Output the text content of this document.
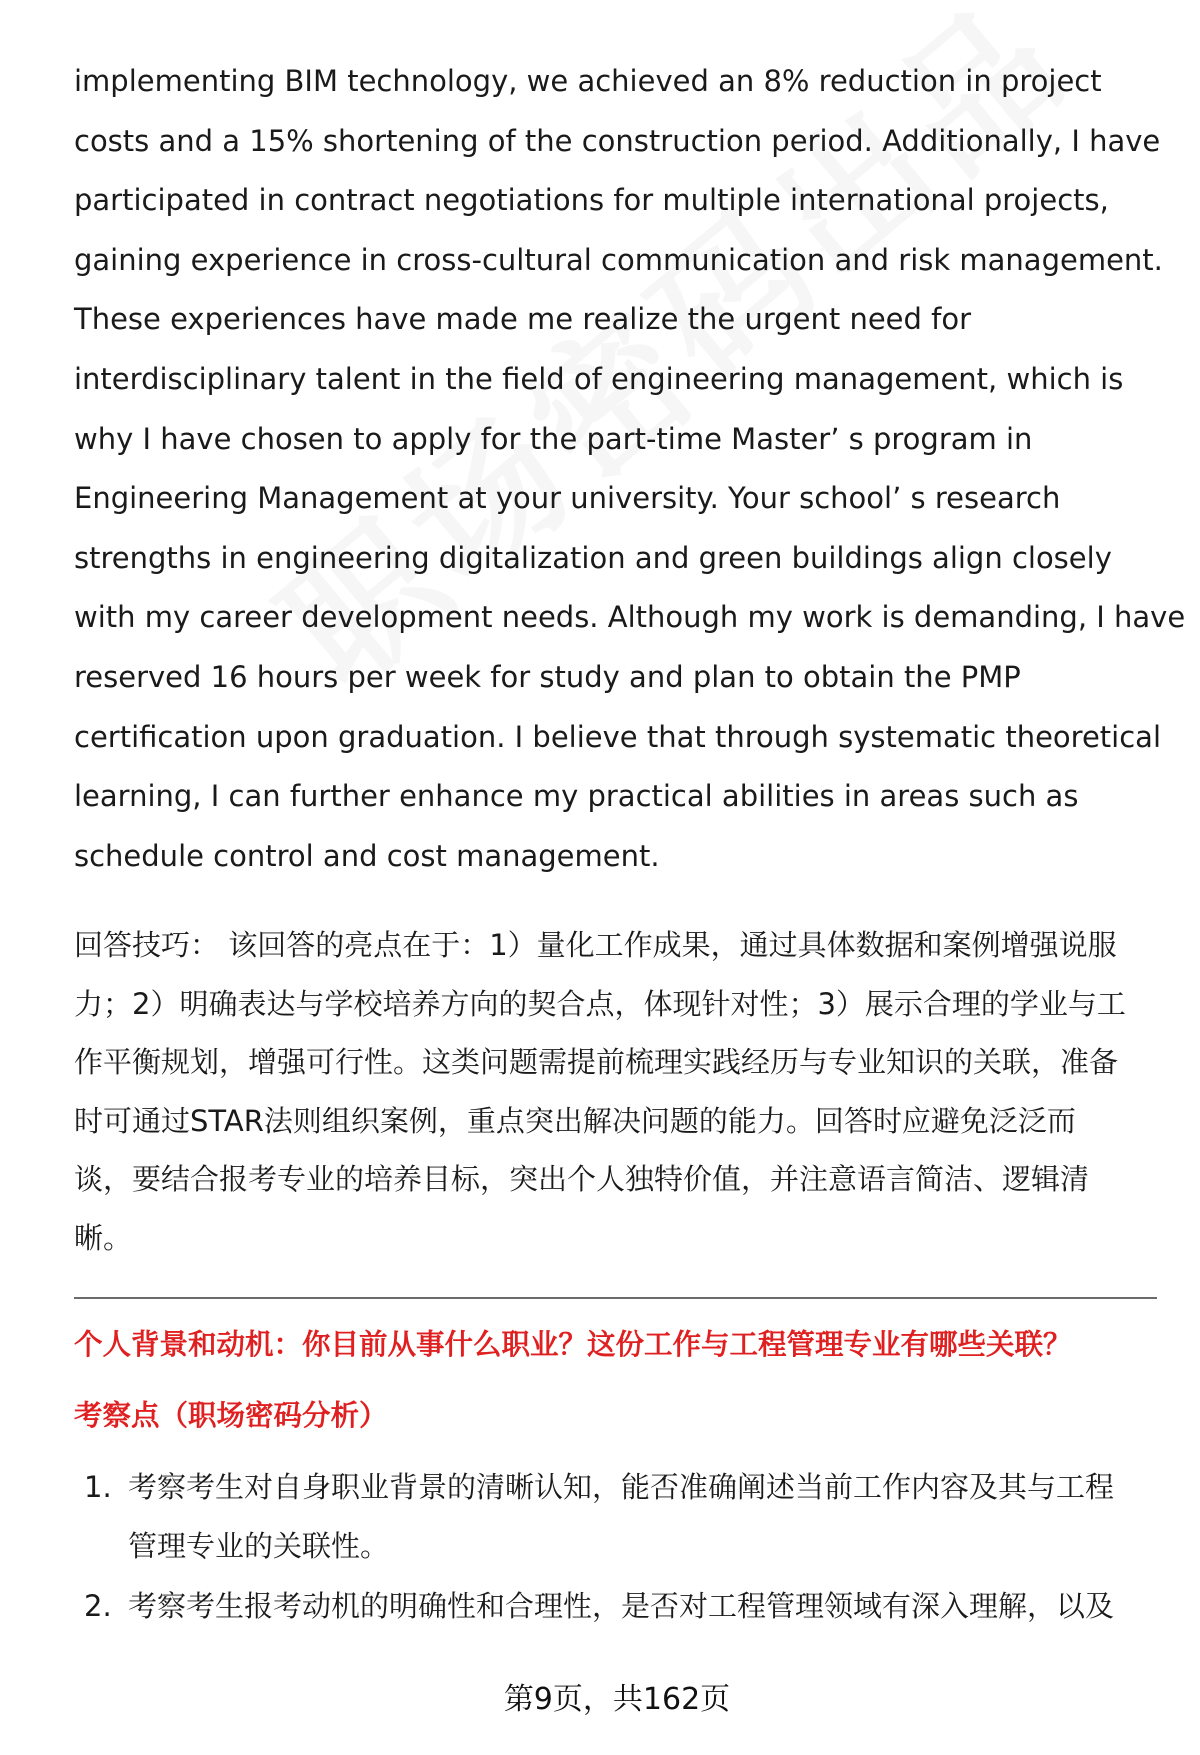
implementing BIM technology, we achieved an 8% reduction in project

costs and a 15% shortening of the construction period. Additionally, I have

participated in contract negotiations for multiple international projects,

gaining experience in cross-cultural communication and risk management.

These experiences have made me realize the urgent need for

interdisciplinary talent in the field of engineering management, which is

why I have chosen to apply for the part-time Master’ s program in

Engineering Management at your university. Your school’ s research

strengths in engineering digitalization and green buildings align closely

with my career development needs. Although my work is demanding, I have

reserved 16 hours per week for study and plan to obtain the PMP

certification upon graduation. I believe that through systematic theoretical

learning, I can further enhance my practical abilities in areas such as

schedule control and cost management.

回答技巧： 该回答的亮点在于：1）量化工作成果，通过具体数据和案例增强说服

力；2）明确表达与学校培养方向的契合点，体现针对性；3）展示合理的学业与工

作平衡规划，增强可行性。这类问题需提前梳理实践经历与专业知识的关联，准备

时可通过STAR法则组织案例，重点突出解决问题的能力。回答时应避免泛泛而

谈，要结合报考专业的培养目标，突出个人独特价值，并注意语言简洁、逻辑清

晰。

个人背景和动机：你目前从事什么职业？这份工作与工程管理专业有哪些关联？
考察点（职场密码分析）
1. 考察考生对自身职业背景的清晰认知，能否准确阐述当前工作内容及其与工程
管理专业的关联性。
2. 考察考生报考动机的明确性和合理性，是否对工程管理领域有深入理解，以及
第9页，共162页
